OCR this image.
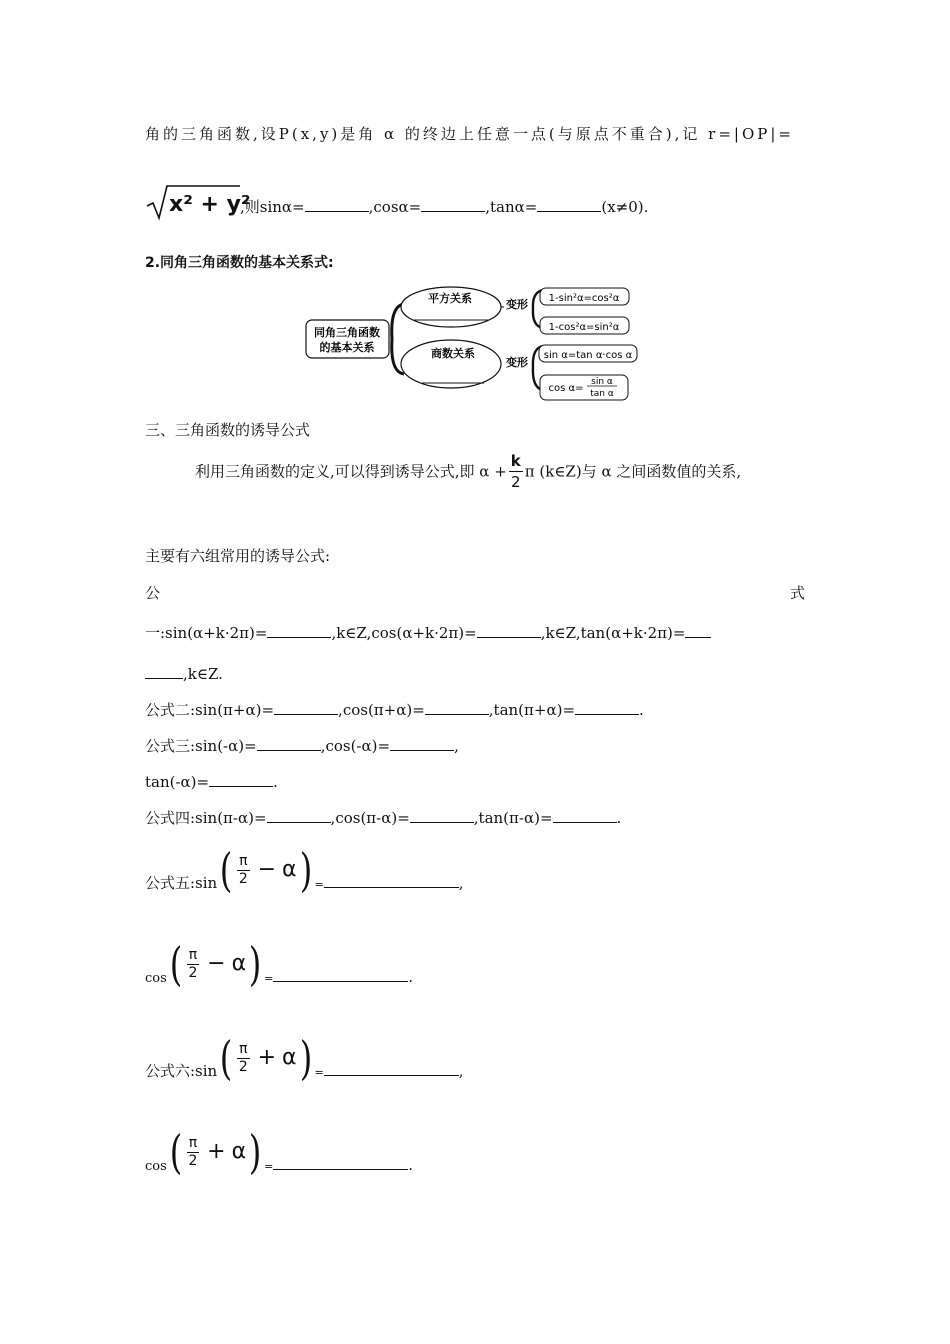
角的三角函数,设P(x,y)是角 α 的终边上任意一点(与原点不重合),记 r=|OP|=
x² + y²
,则sinα=	,cosα=	,tanα=	(x≠0).
2.同角三角函数的基本关系式:
同角三角函数
的基本关系
平方关系
商数关系
变形
变形
1-sin²α=cos²α
1-cos²α=sin²α
sin α=tan α·cos α
cos α=
sin α
tan α
三、三角函数的诱导公式
利用三角函数的定义,可以得到诱导公式,即 $\alpha + \frac{k}{2}$ π (k∈Z)与 α 之间函数值的关系,
主要有六组常用的诱导公式:
公	式
一:sin(α+k·2π)=	,k∈Z,cos(α+k·2π)=	,k∈Z,tan(α+k·2π)=
,k∈Z.
公式二:sin(π+α)=	,cos(π+α)=	,tan(π+α)=	.
公式三:sin(-α)=	,cos(-α)=	,
tan(-α)=	.
公式四:sin(π-α)=	,cos(π-α)=	,tan(π-α)=	.
公式五:sin( $\frac{\pi}{2} - \alpha$) $_=$	,
$\cos( \frac{\pi}{2} - \alpha)$ $_=$	.
公式六:sin( $\frac{\pi}{2} + \alpha$) $_=$	,
$\cos( \frac{\pi}{2} + \alpha)$ $_=$	.
